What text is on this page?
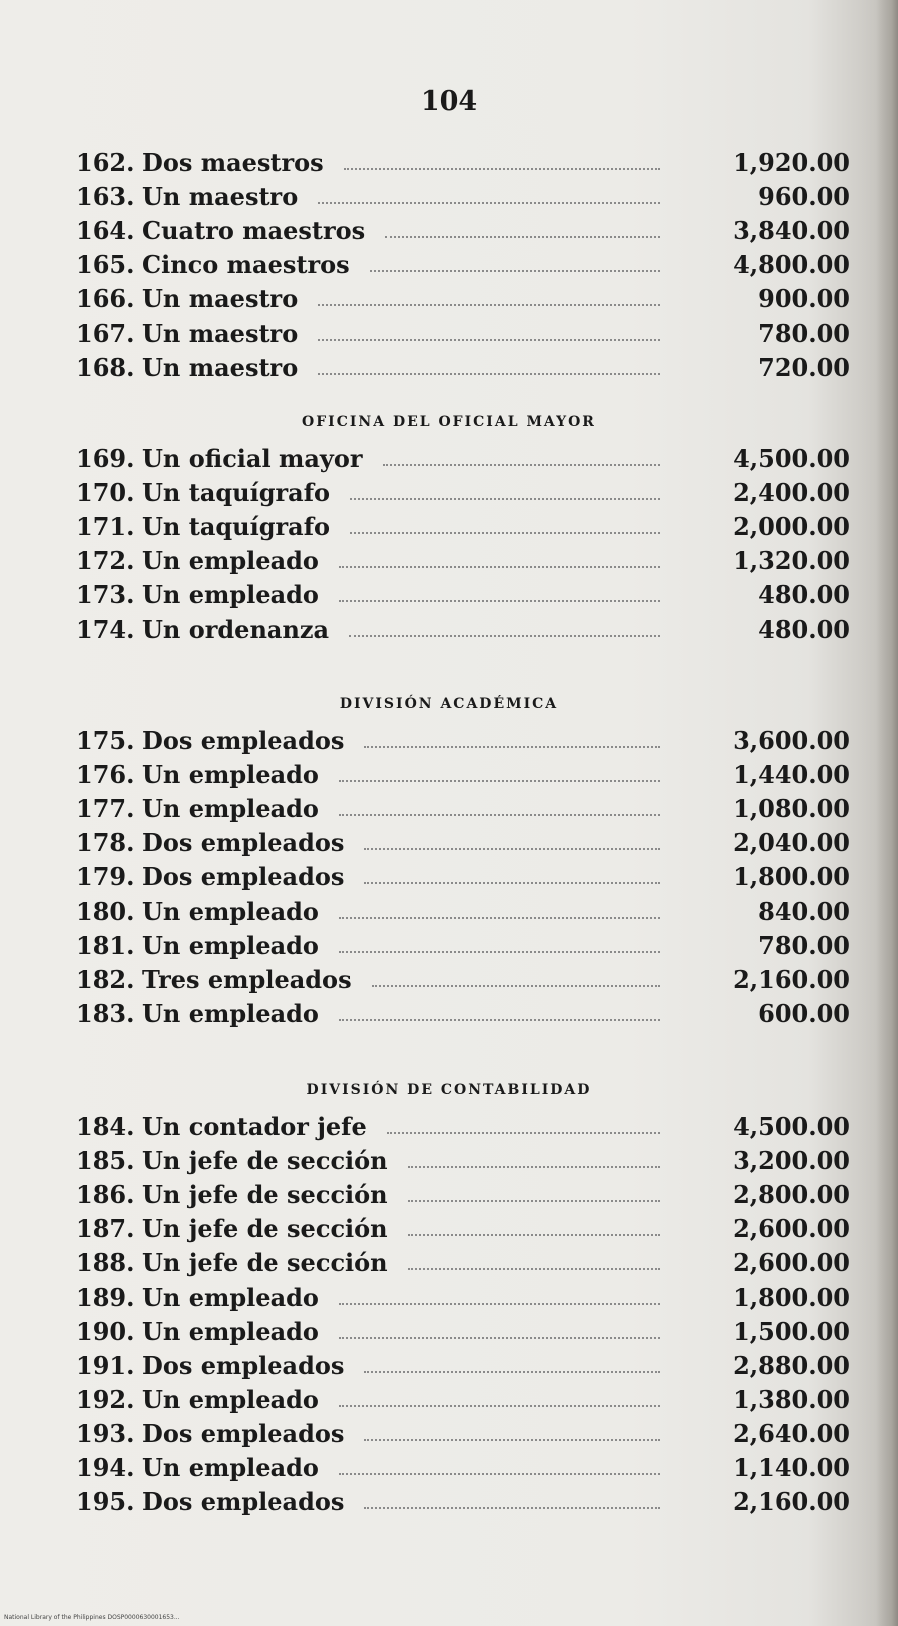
104
162. Dos maestros	1,920.00
163. Un maestro	960.00
164. Cuatro maestros	3,840.00
165. Cinco maestros	4,800.00
166. Un maestro	900.00
167. Un maestro	780.00
168. Un maestro	720.00
OFICINA DEL OFICIAL MAYOR
169. Un oficial mayor	4,500.00
170. Un taquígrafo	2,400.00
171. Un taquígrafo	2,000.00
172. Un empleado	1,320.00
173. Un empleado	480.00
174. Un ordenanza	480.00
DIVISIÓN ACADÉMICA
175. Dos empleados	3,600.00
176. Un empleado	1,440.00
177. Un empleado	1,080.00
178. Dos empleados	2,040.00
179. Dos empleados	1,800.00
180. Un empleado	840.00
181. Un empleado	780.00
182. Tres empleados	2,160.00
183. Un empleado	600.00
DIVISIÓN DE CONTABILIDAD
184. Un contador jefe	4,500.00
185. Un jefe de sección	3,200.00
186. Un jefe de sección	2,800.00
187. Un jefe de sección	2,600.00
188. Un jefe de sección	2,600.00
189. Un empleado	1,800.00
190. Un empleado	1,500.00
191. Dos empleados	2,880.00
192. Un empleado	1,380.00
193. Dos empleados	2,640.00
194. Un empleado	1,140.00
195. Dos empleados	2,160.00
National Library of the Philippines DOSP0000630001653...
